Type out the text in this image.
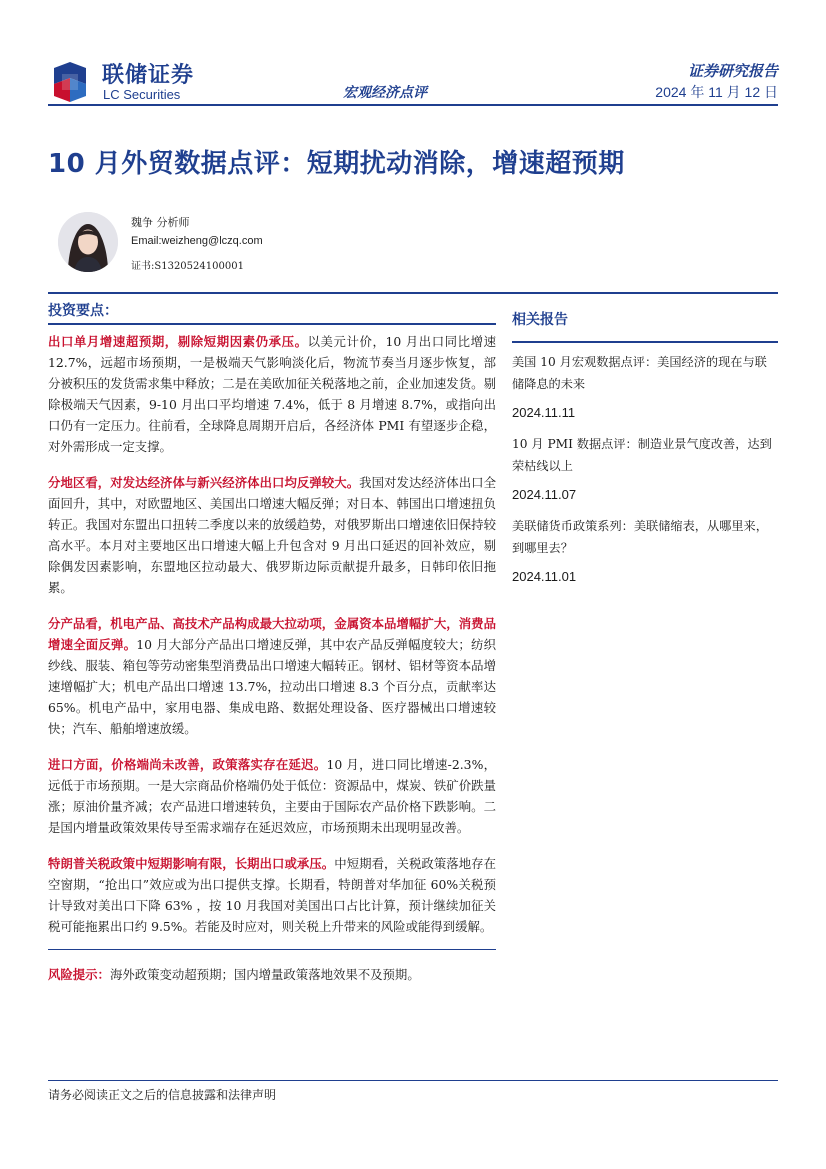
联储证券
LC Securities	宏观经济点评
证券研究报告
2024 年 11 月 12 日
10 月外贸数据点评：短期扰动消除，增速超预期
魏争 分析师
Email:weizheng@lczq.com
证书:S1320524100001
投资要点：

出口单月增速超预期，剔除短期因素仍承压。以美元计价，10 月出口同比增速 12.7%，远超市场预期，一是极端天气影响淡化后，物流节奏当月逐步恢复，部分被积压的发货需求集中释放；二是在美欧加征关税落地之前，企业加速发货。剔除极端天气因素，9-10 月出口平均增速 7.4%，低于 8 月增速 8.7%，或指向出口仍有一定压力。往前看，全球降息周期开启后，各经济体 PMI 有望逐步企稳，对外需形成一定支撑。

分地区看，对发达经济体与新兴经济体出口均反弹较大。我国对发达经济体出口全面回升，其中，对欧盟地区、美国出口增速大幅反弹；对日本、韩国出口增速扭负转正。我国对东盟出口扭转二季度以来的放缓趋势，对俄罗斯出口增速依旧保持较高水平。本月对主要地区出口增速大幅上升包含对 9 月出口延迟的回补效应，剔除偶发因素影响，东盟地区拉动最大、俄罗斯边际贡献提升最多，日韩印依旧拖累。

分产品看，机电产品、高技术产品构成最大拉动项，金属资本品增幅扩大，消费品增速全面反弹。10 月大部分产品出口增速反弹，其中农产品反弹幅度较大；纺织纱线、服装、箱包等劳动密集型消费品出口增速大幅转正。钢材、铝材等资本品增速增幅扩大；机电产品出口增速 13.7%，拉动出口增速 8.3 个百分点，贡献率达 65%。机电产品中，家用电器、集成电路、数据处理设备、医疗器械出口增速较快；汽车、船舶增速放缓。

进口方面，价格端尚未改善，政策落实存在延迟。10 月，进口同比增速-2.3%，远低于市场预期。一是大宗商品价格端仍处于低位：资源品中，煤炭、铁矿价跌量涨；原油价量齐减；农产品进口增速转负，主要由于国际农产品价格下跌影响。二是国内增量政策效果传导至需求端存在延迟效应，市场预期未出现明显改善。

特朗普关税政策中短期影响有限，长期出口或承压。中短期看，关税政策落地存在空窗期，“抢出口”效应或为出口提供支撑。长期看，特朗普对华加征 60%关税预计导致对美出口下降 63% ，按 10 月我国对美国出口占比计算，预计继续加征关税可能拖累出口约 9.5%。若能及时应对，则关税上升带来的风险或能得到缓解。

风险提示：海外政策变动超预期；国内增量政策落地效果不及预期。

相关报告
美国 10 月宏观数据点评：美国经济的现在与联储降息的未来
2024.11.11
10 月 PMI 数据点评：制造业景气度改善，达到荣枯线以上
2024.11.07
美联储货币政策系列：美联储缩表，从哪里来，到哪里去？
2024.11.01
请务必阅读正文之后的信息披露和法律声明
